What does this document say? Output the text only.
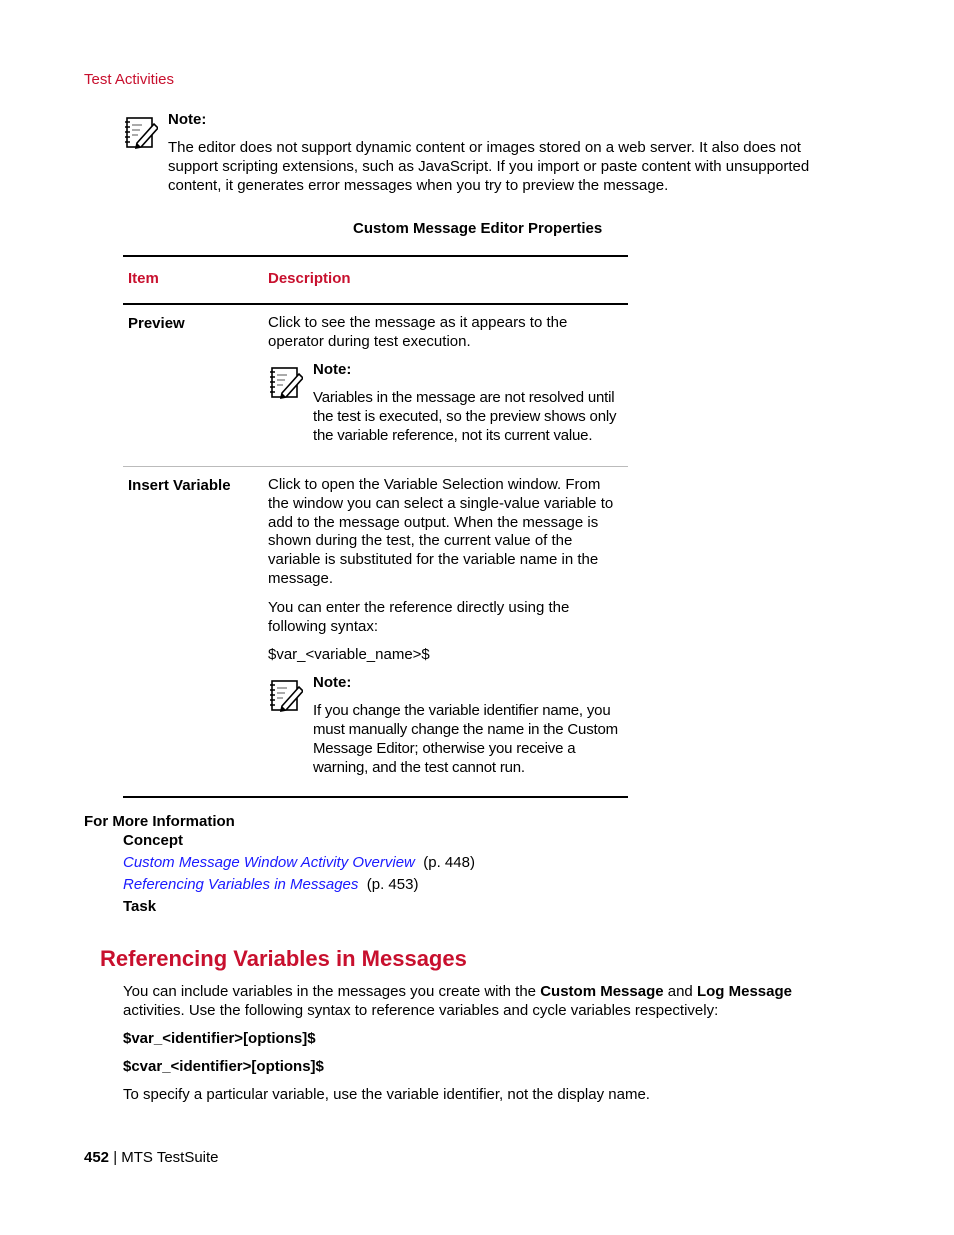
Test Activities
Note:

The editor does not support dynamic content or images stored on a web server. It also does not

support scripting extensions, such as JavaScript. If you import or paste content with unsupported

content, it generates error messages when you try to preview the message.

Custom Message Editor Properties
Item	Description
Preview	Click to see the message as it appears to the

operator during test execution.

Note:

Variables in the message are not resolved until

the test is executed, so the preview shows only

the variable reference, not its current value.

Insert Variable Click to open the Variable Selection window. From

the window you can select a single-value variable to

add to the message output. When the message is

shown during the test, the current value of the

variable is substituted for the variable name in the

message.

You can enter the reference directly using the

following syntax:

$var_<variable_name>$
Note:

If you change the variable identifier name, you

must manually change the name in the Custom

Message Editor; otherwise you receive a

warning, and the test cannot run.

For More Information
Concept
Custom Message Window Activity Overview (p. 448)
Referencing Variables in Messages (p. 453)
Task
Referencing Variables in Messages

You can include variables in the messages you create with the Custom Message and Log Message

activities. Use the following syntax to reference variables and cycle variables respectively:

$var_<identifier>[options]$
$cvar_<identifier>[options]$
To specify a particular variable, use the variable identifier, not the display name.
452 | MTS TestSuite
